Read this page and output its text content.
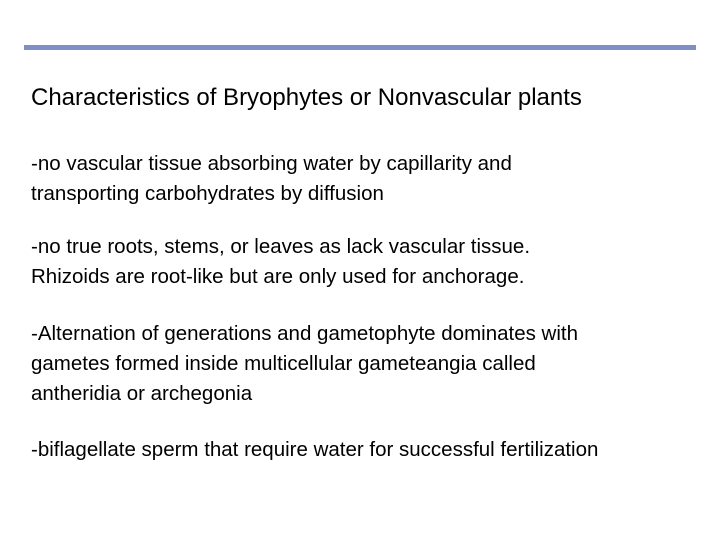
Characteristics of Bryophytes or Nonvascular plants
-no vascular tissue absorbing water by capillarity and
transporting carbohydrates by diffusion
-no true roots, stems, or leaves as lack vascular tissue.
Rhizoids are root-like but are only used for anchorage.
-Alternation of generations and gametophyte dominates with
gametes formed inside multicellular gameteangia called
antheridia or archegonia
-biflagellate sperm that require water for successful fertilization
